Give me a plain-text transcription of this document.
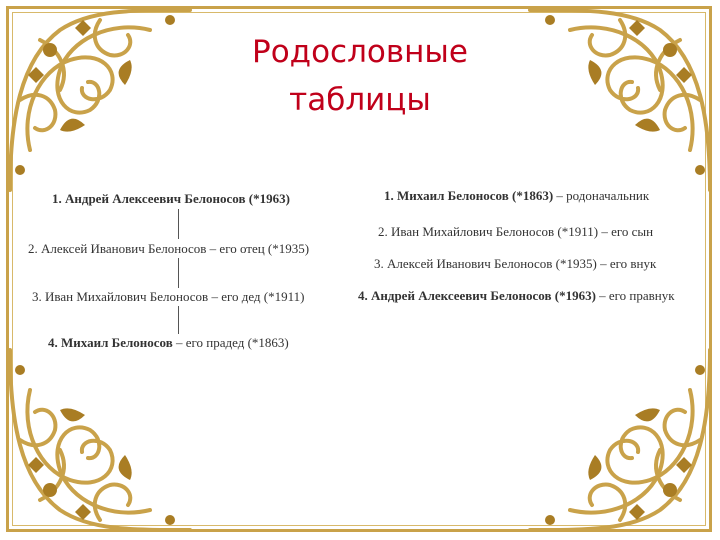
Родословные
таблицы
1. Андрей Алексеевич Белоносов (*1963)
2. Алексей Иванович Белоносов – его отец (*1935)
3. Иван Михайлович Белоносов – его дед (*1911)
4. Михаил Белоносов – его прадед (*1863)
1. Михаил Белоносов (*1863) – родоначальник
2. Иван Михайлович Белоносов (*1911) – его сын
3. Алексей Иванович Белоносов (*1935) – его внук
4. Андрей Алексеевич Белоносов (*1963) – его правнук
